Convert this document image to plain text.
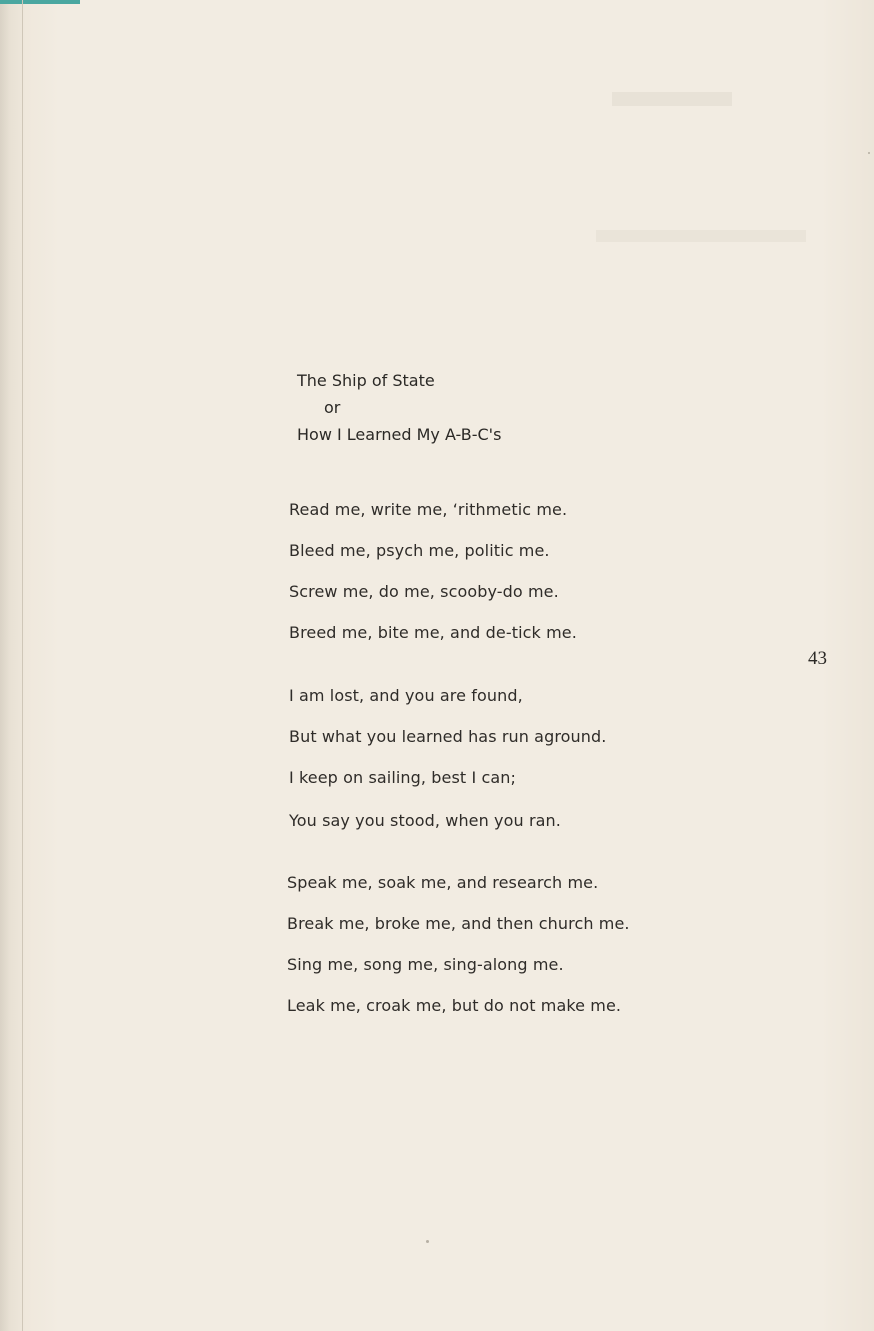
The Ship of State
or
How I Learned My A-B-C's
Read me, write me, ‘rithmetic me.
Bleed me, psych me, politic me.
Screw me, do me, scooby-do me.
Breed me, bite me, and de-tick me.
I am lost, and you are found,
But what you learned has run aground.
I keep on sailing, best I can;
You say you stood, when you ran.
Speak me, soak me, and research me.
Break me, broke me, and then church me.
Sing me, song me, sing-along me.
Leak me, croak me, but do not make me.
43
